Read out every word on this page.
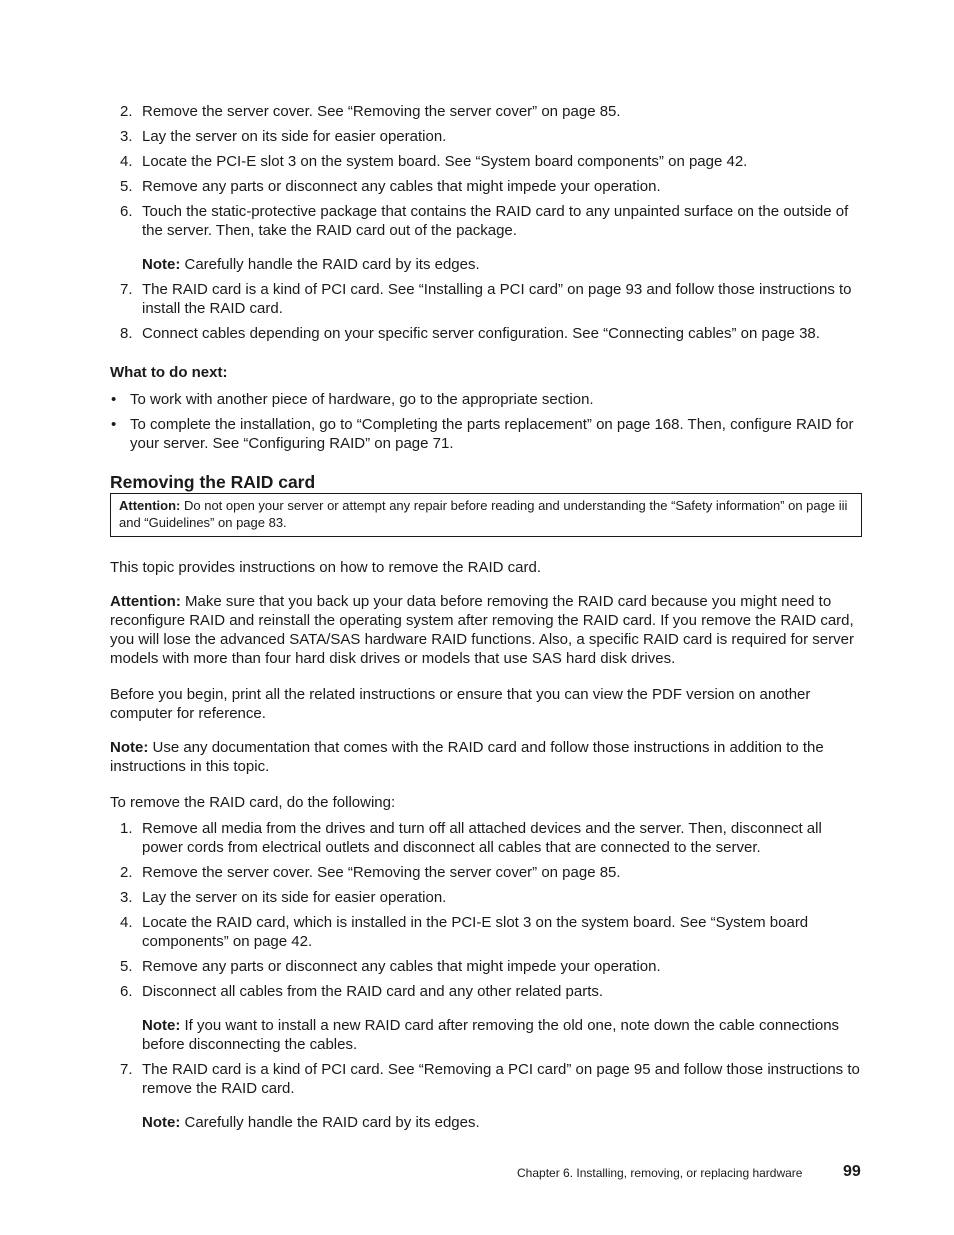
2. Remove the server cover. See “Removing the server cover” on page 85.
3. Lay the server on its side for easier operation.
4. Locate the PCI-E slot 3 on the system board. See “System board components” on page 42.
5. Remove any parts or disconnect any cables that might impede your operation.
6. Touch the static-protective package that contains the RAID card to any unpainted surface on the outside of the server. Then, take the RAID card out of the package.
Note: Carefully handle the RAID card by its edges.
7. The RAID card is a kind of PCI card. See “Installing a PCI card” on page 93 and follow those instructions to install the RAID card.
8. Connect cables depending on your specific server configuration. See “Connecting cables” on page 38.
What to do next:
• To work with another piece of hardware, go to the appropriate section.
• To complete the installation, go to “Completing the parts replacement” on page 168. Then, configure RAID for your server. See “Configuring RAID” on page 71.
Removing the RAID card
Attention: Do not open your server or attempt any repair before reading and understanding the “Safety information” on page iii and “Guidelines” on page 83.
This topic provides instructions on how to remove the RAID card.
Attention: Make sure that you back up your data before removing the RAID card because you might need to reconfigure RAID and reinstall the operating system after removing the RAID card. If you remove the RAID card, you will lose the advanced SATA/SAS hardware RAID functions. Also, a specific RAID card is required for server models with more than four hard disk drives or models that use SAS hard disk drives.
Before you begin, print all the related instructions or ensure that you can view the PDF version on another computer for reference.
Note: Use any documentation that comes with the RAID card and follow those instructions in addition to the instructions in this topic.
To remove the RAID card, do the following:
1. Remove all media from the drives and turn off all attached devices and the server. Then, disconnect all power cords from electrical outlets and disconnect all cables that are connected to the server.
2. Remove the server cover. See “Removing the server cover” on page 85.
3. Lay the server on its side for easier operation.
4. Locate the RAID card, which is installed in the PCI-E slot 3 on the system board. See “System board components” on page 42.
5. Remove any parts or disconnect any cables that might impede your operation.
6. Disconnect all cables from the RAID card and any other related parts.
Note: If you want to install a new RAID card after removing the old one, note down the cable connections before disconnecting the cables.
7. The RAID card is a kind of PCI card. See “Removing a PCI card” on page 95 and follow those instructions to remove the RAID card.
Note: Carefully handle the RAID card by its edges.
Chapter 6. Installing, removing, or replacing hardware	99
